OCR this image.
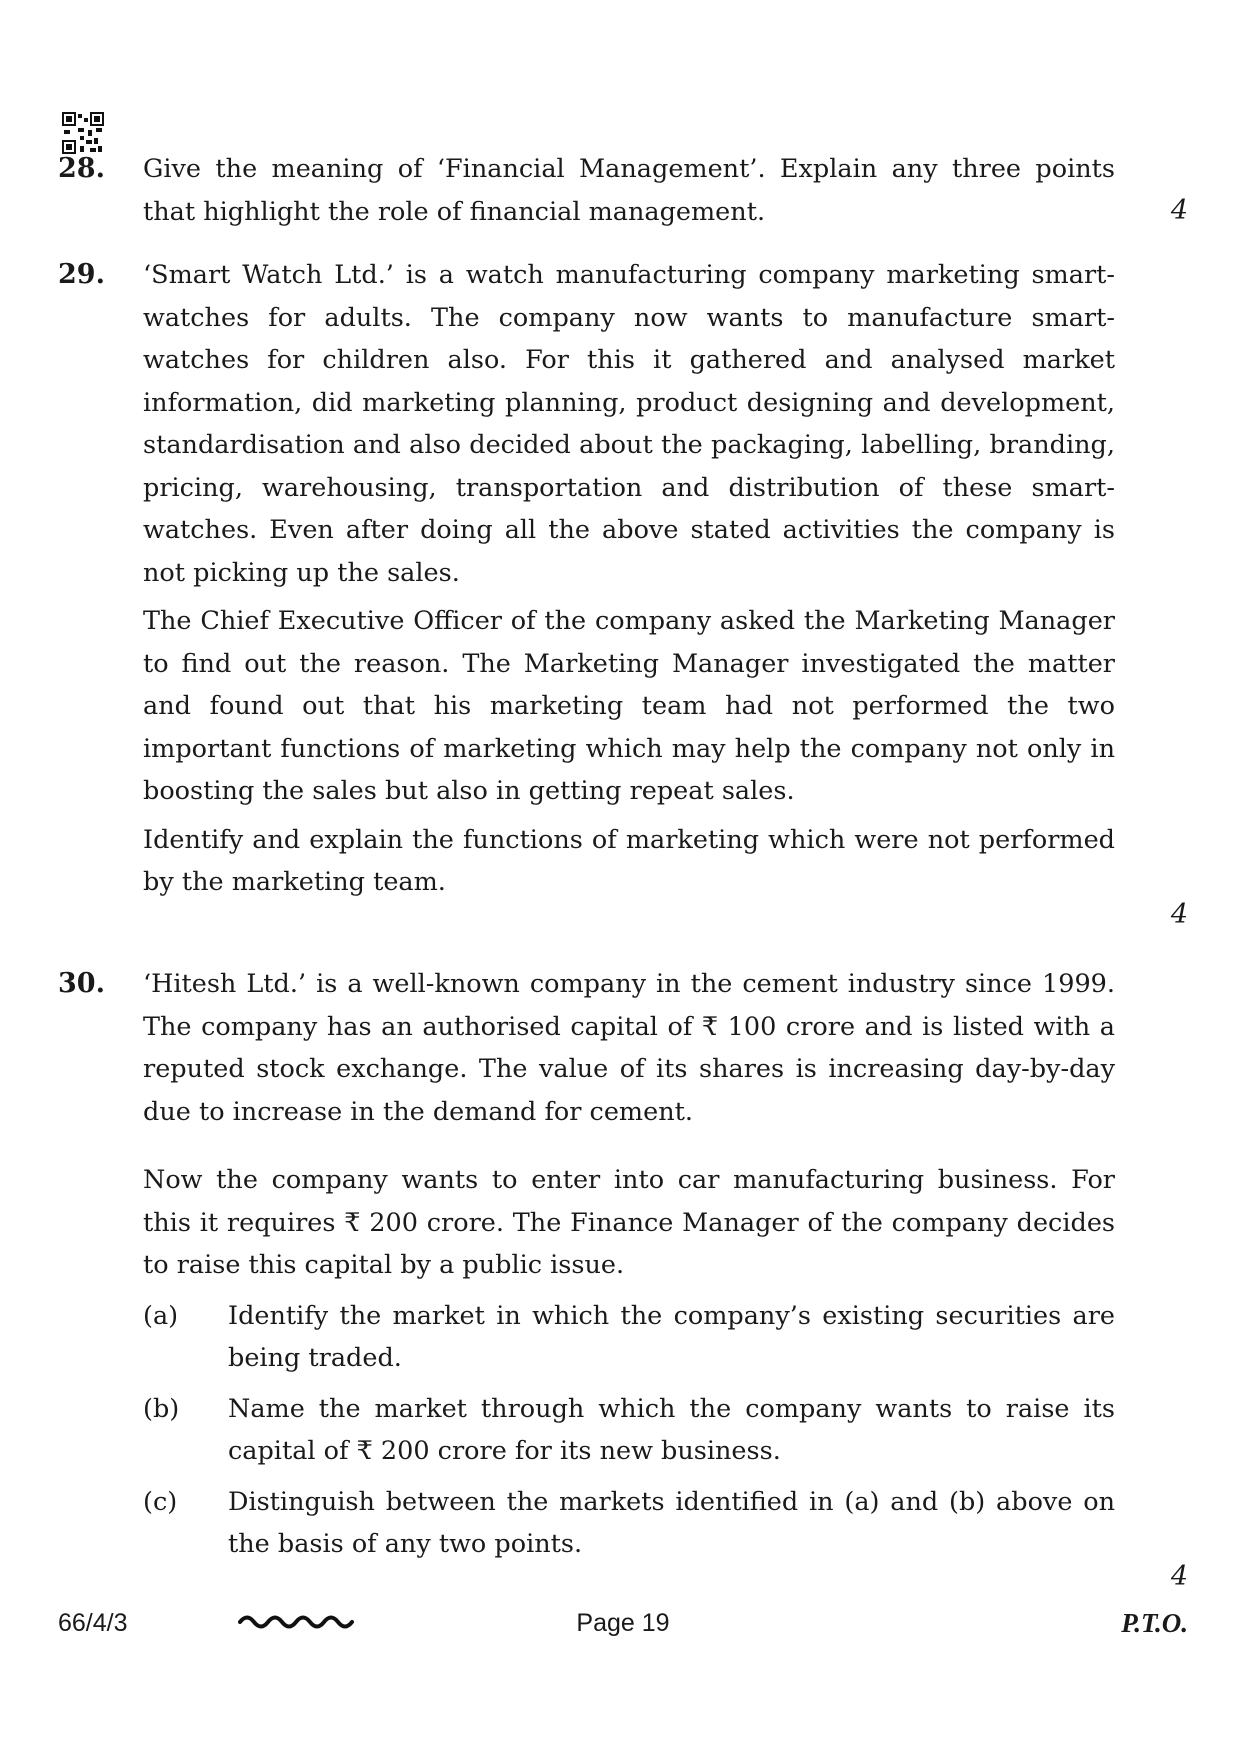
28. Give the meaning of ‘Financial Management’. Explain any three points that highlight the role of financial management.	4
29. ‘Smart Watch Ltd.’ is a watch manufacturing company marketing smart-watches for adults. The company now wants to manufacture smart-watches for children also. For this it gathered and analysed market information, did marketing planning, product designing and development, standardisation and also decided about the packaging, labelling, branding, pricing, warehousing, transportation and distribution of these smart-watches. Even after doing all the above stated activities the company is not picking up the sales.

The Chief Executive Officer of the company asked the Marketing Manager to find out the reason. The Marketing Manager investigated the matter and found out that his marketing team had not performed the two important functions of marketing which may help the company not only in boosting the sales but also in getting repeat sales.

Identify and explain the functions of marketing which were not performed by the marketing team.

4
30. ‘Hitesh Ltd.’ is a well-known company in the cement industry since 1999. The company has an authorised capital of ₹ 100 crore and is listed with a reputed stock exchange. The value of its shares is increasing day-by-day due to increase in the demand for cement.

Now the company wants to enter into car manufacturing business. For this it requires ₹ 200 crore. The Finance Manager of the company decides to raise this capital by a public issue.

(a) Identify the market in which the company’s existing securities are being traded.
(b) Name the market through which the company wants to raise its capital of ₹ 200 crore for its new business.
(c) Distinguish between the markets identified in (a) and (b) above on the basis of any two points.
4
66/4/3	Page 19	P.T.O.
